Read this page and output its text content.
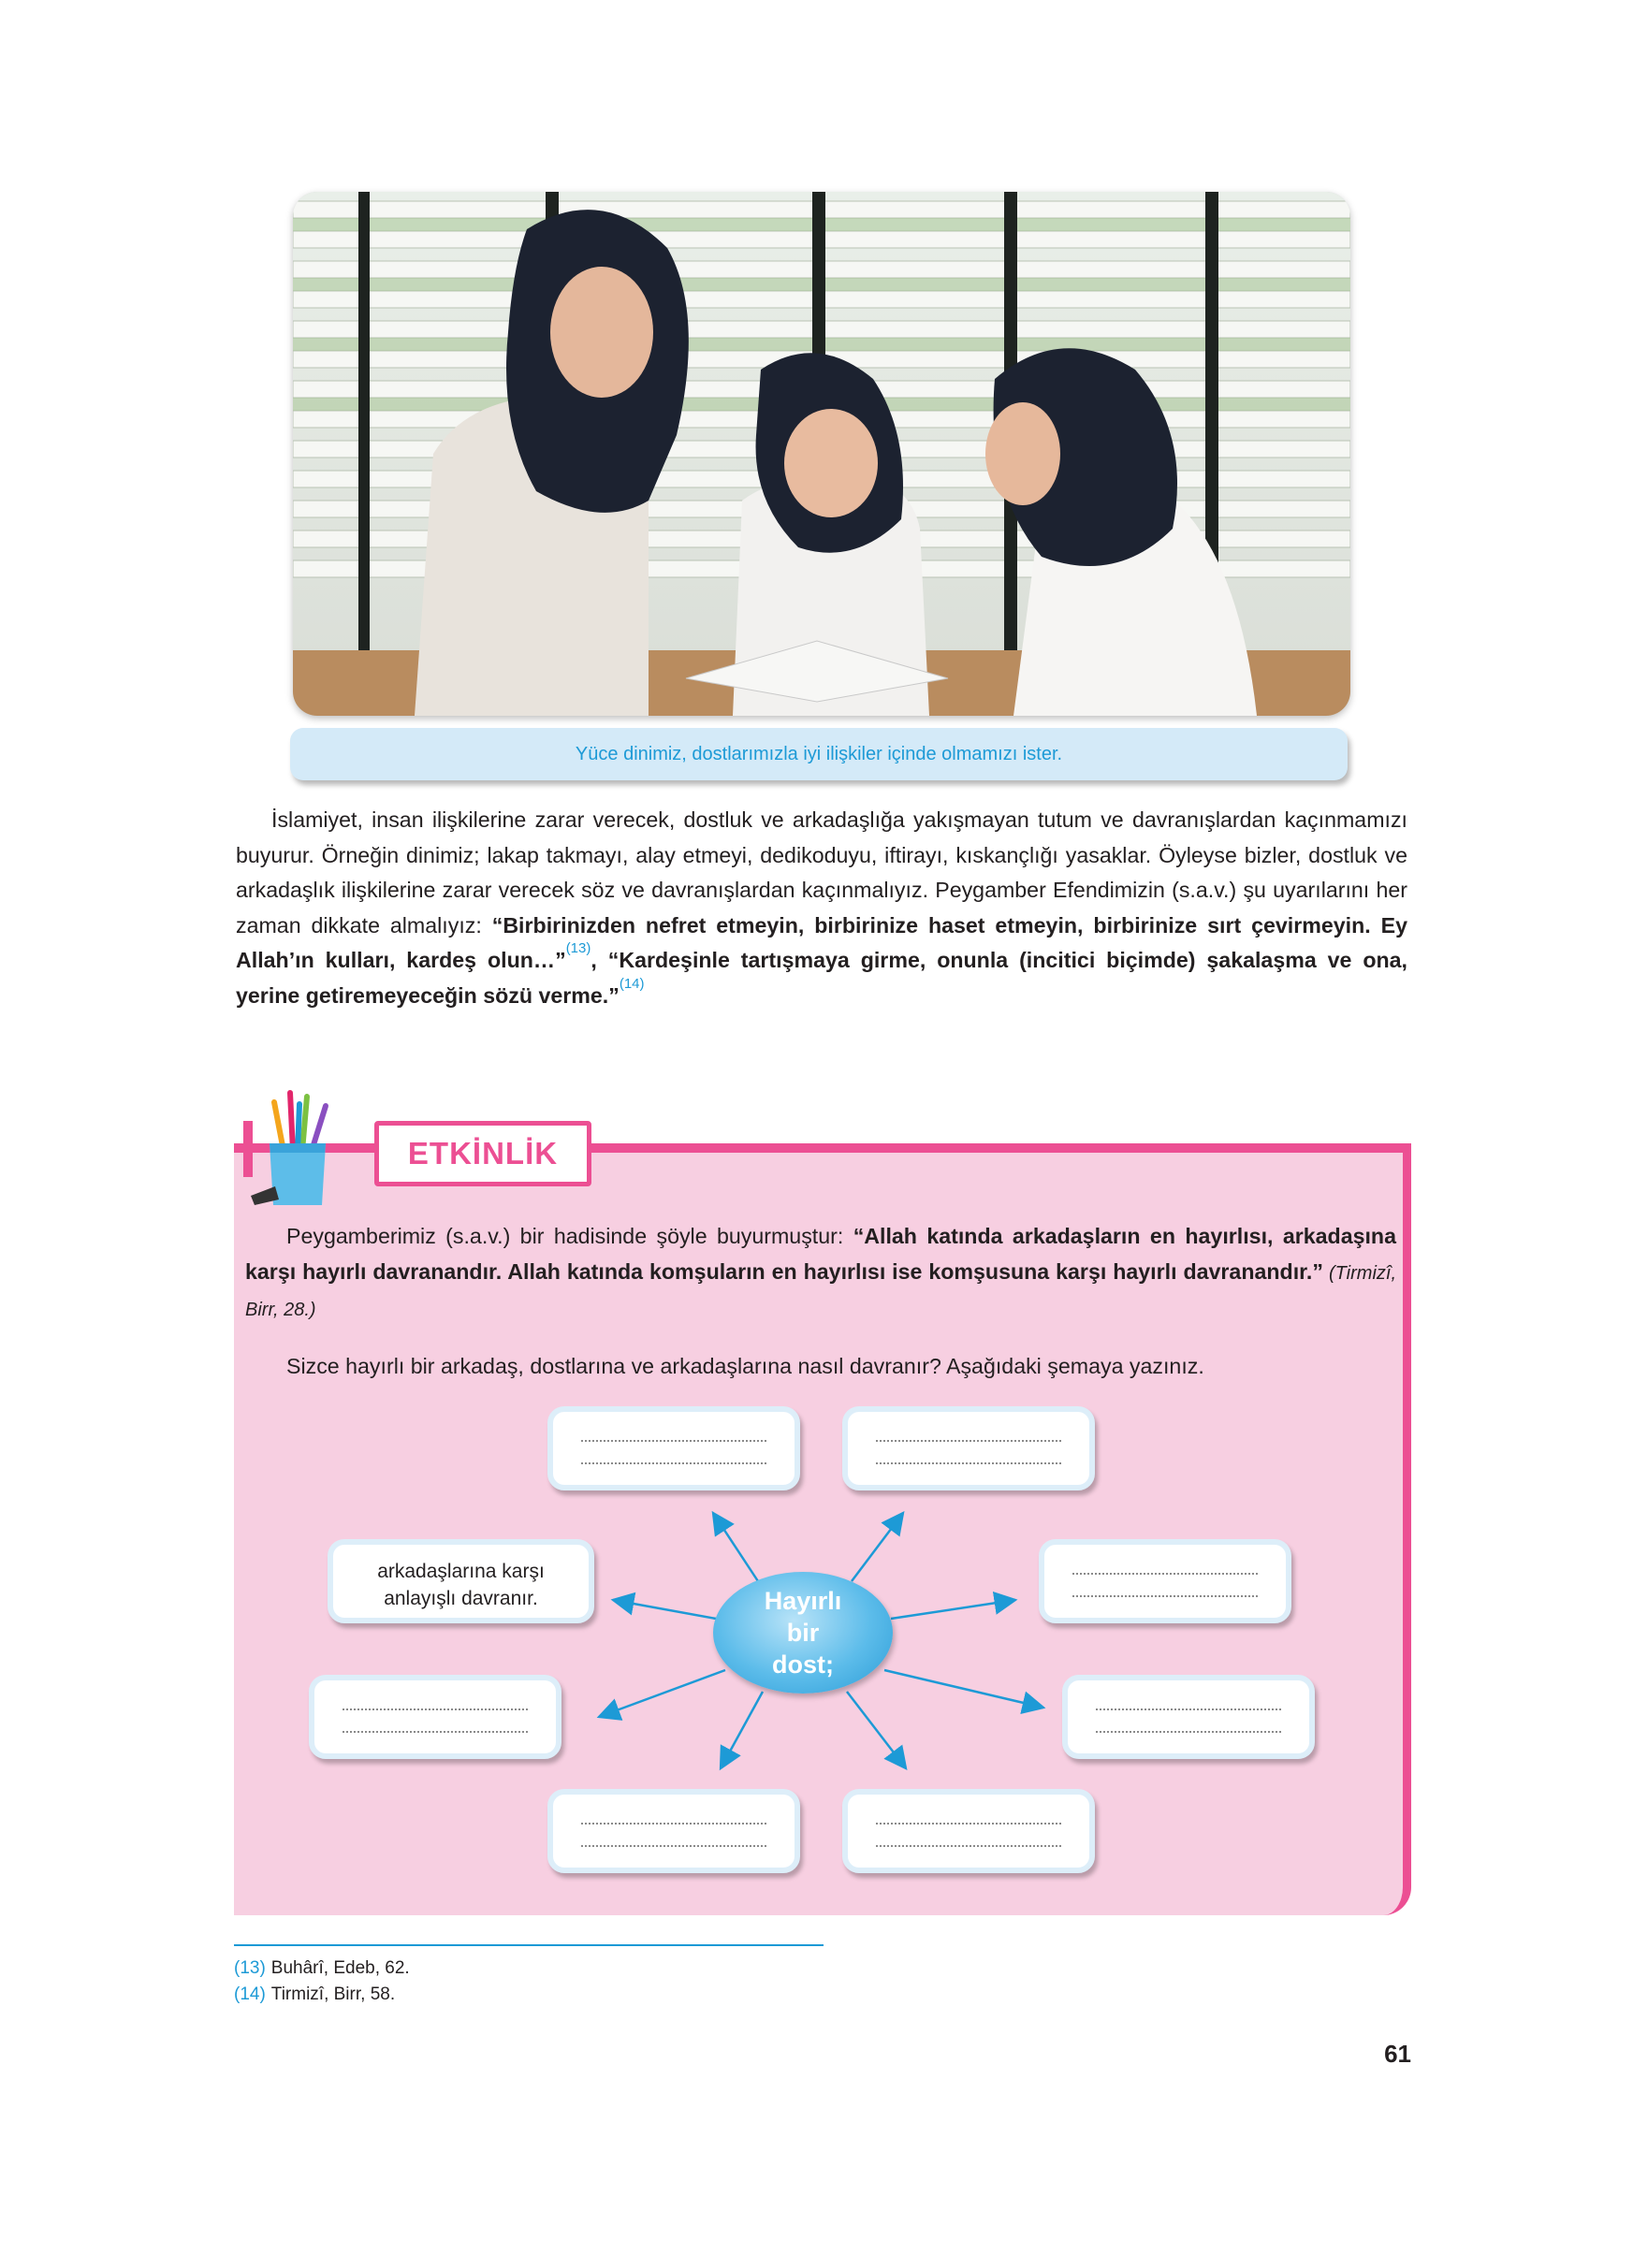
Yüce dinimiz, dostlarımızla iyi ilişkiler içinde olmamızı ister.

İslamiyet, insan ilişkilerine zarar verecek, dostluk ve arkadaşlığa yakışmayan tutum ve davranışlardan kaçınmamızı buyurur. Örneğin dinimiz; lakap takmayı, alay etmeyi, dedikoduyu, iftirayı, kıskançlığı yasaklar. Öyleyse bizler, dostluk ve arkadaşlık ilişkilerine zarar verecek söz ve davranışlardan kaçınmalıyız. Peygamber Efendimizin (s.a.v.) şu uyarılarını her zaman dikkate almalıyız: “Birbirinizden nefret etmeyin, birbirinize haset etmeyin, birbirinize sırt çevirmeyin. Ey Allah’ın kulları, kardeş olun…”$^{(13)}$, “Kardeşinle tartışmaya girme, onunla (incitici biçimde) şakalaşma ve ona, yerine getiremeyeceğin sözü verme.”$^{(14)}$

ETKİNLİK

Peygamberimiz (s.a.v.) bir hadisinde şöyle buyurmuştur: “Allah katında arkadaşların en hayırlısı, arkadaşına karşı hayırlı davranandır. Allah katında komşuların en hayırlısı ise komşusuna karşı hayırlı davranandır.” (Tirmizî, Birr, 28.)

Sizce hayırlı bir arkadaş, dostlarına ve arkadaşlarına nasıl davranır? Aşağıdaki şemaya yazınız.

arkadaşlarına karşı
anlayışlı davranır.	Hayırlı
bir
dost;
(13) Buhârî, Edeb, 62.
(14) Tirmizî, Birr, 58.
61
